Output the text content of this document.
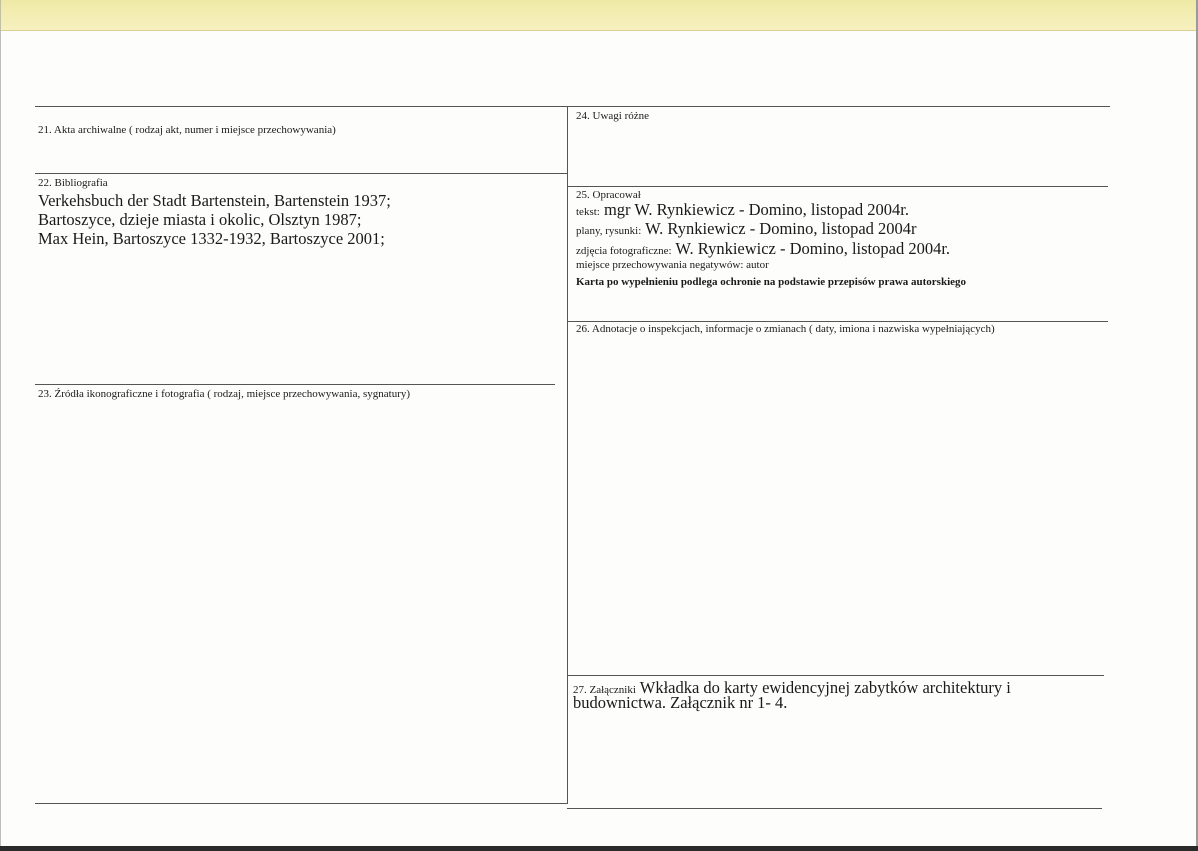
21. Akta archiwalne ( rodzaj akt, numer i miejsce przechowywania)
22. Bibliografia
Verkehsbuch der Stadt Bartenstein, Bartenstein 1937;
Bartoszyce, dzieje miasta i okolic, Olsztyn 1987;
Max Hein, Bartoszyce 1332-1932, Bartoszyce 2001;
23. Źródła ikonograficzne i fotografia ( rodzaj, miejsce przechowywania, sygnatury)
24. Uwagi różne
25. Opracował
tekst: mgr W. Rynkiewicz - Domino, listopad 2004r.
plany, rysunki: W. Rynkiewicz - Domino, listopad 2004r
zdjęcia fotograficzne: W. Rynkiewicz - Domino, listopad 2004r.
miejsce przechowywania negatywów: autor
Karta po wypełnieniu podlega ochronie na podstawie przepisów prawa autorskiego
26. Adnotacje o inspekcjach, informacje o zmianach ( daty, imiona i nazwiska wypełniających)
27. Załączniki Wkładka do karty ewidencyjnej zabytków architektury i
budownictwa. Załącznik nr 1- 4.
